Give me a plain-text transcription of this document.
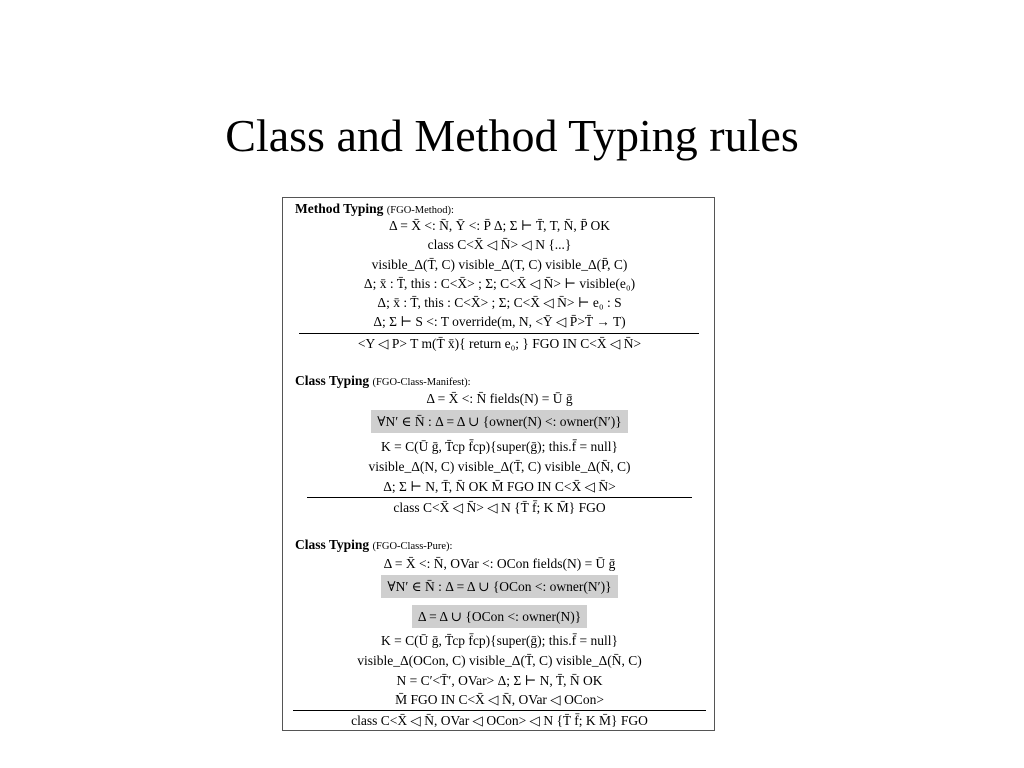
Class and Method Typing rules
Method Typing (FGO-Method):
Δ = X̄ <: N̄, Ȳ <: P̄ Δ; Σ ⊢ T̄, T, N̄, P̄ OK
class C<X̄ ◁ N̄> ◁ N {...}
visible_Δ(T̄, C) visible_Δ(T, C) visible_Δ(P̄, C)
Δ; x̄ : T̄, this : C<X̄> ; Σ; C<X̄ ◁ N̄> ⊢ visible(e₀)
Δ; x̄ : T̄, this : C<X̄> ; Σ; C<X̄ ◁ N̄> ⊢ e₀ : S
Δ; Σ ⊢ S <: T override(m, N, <Ȳ ◁ P̄>T̄ → T)
<Y ◁ P> T m(T̄ x̄){ return e₀; } FGO IN C<X̄ ◁ N̄>
Class Typing (FGO-Class-Manifest):
Δ = X̄ <: N̄ fields(N) = Ū ḡ
∀N′ ∈ N̄ : Δ = Δ ∪ {owner(N) <: owner(N′)}
K = C(Ū ḡ, T̄cp f̄cp){super(ḡ); this.f̄ = null}
visible_Δ(N, C) visible_Δ(T̄, C) visible_Δ(N̄, C)
Δ; Σ ⊢ N, T̄, N̄ OK M̄ FGO IN C<X̄ ◁ N̄>
class C<X̄ ◁ N̄> ◁ N {T̄ f̄; K M̄} FGO
Class Typing (FGO-Class-Pure):
Δ = X̄ <: N̄, OVar <: OCon fields(N) = Ū ḡ
∀N′ ∈ N̄ : Δ = Δ ∪ {OCon <: owner(N′)}
Δ = Δ ∪ {OCon <: owner(N)}
K = C(Ū ḡ, T̄cp f̄cp){super(ḡ); this.f̄ = null}
visible_Δ(OCon, C) visible_Δ(T̄, C) visible_Δ(N̄, C)
N = C′<T̄′, OVar> Δ; Σ ⊢ N, T̄, N̄ OK
M̄ FGO IN C<X̄ ◁ N̄, OVar ◁ OCon>
class C<X̄ ◁ N̄, OVar ◁ OCon> ◁ N {T̄ f̄; K M̄} FGO
